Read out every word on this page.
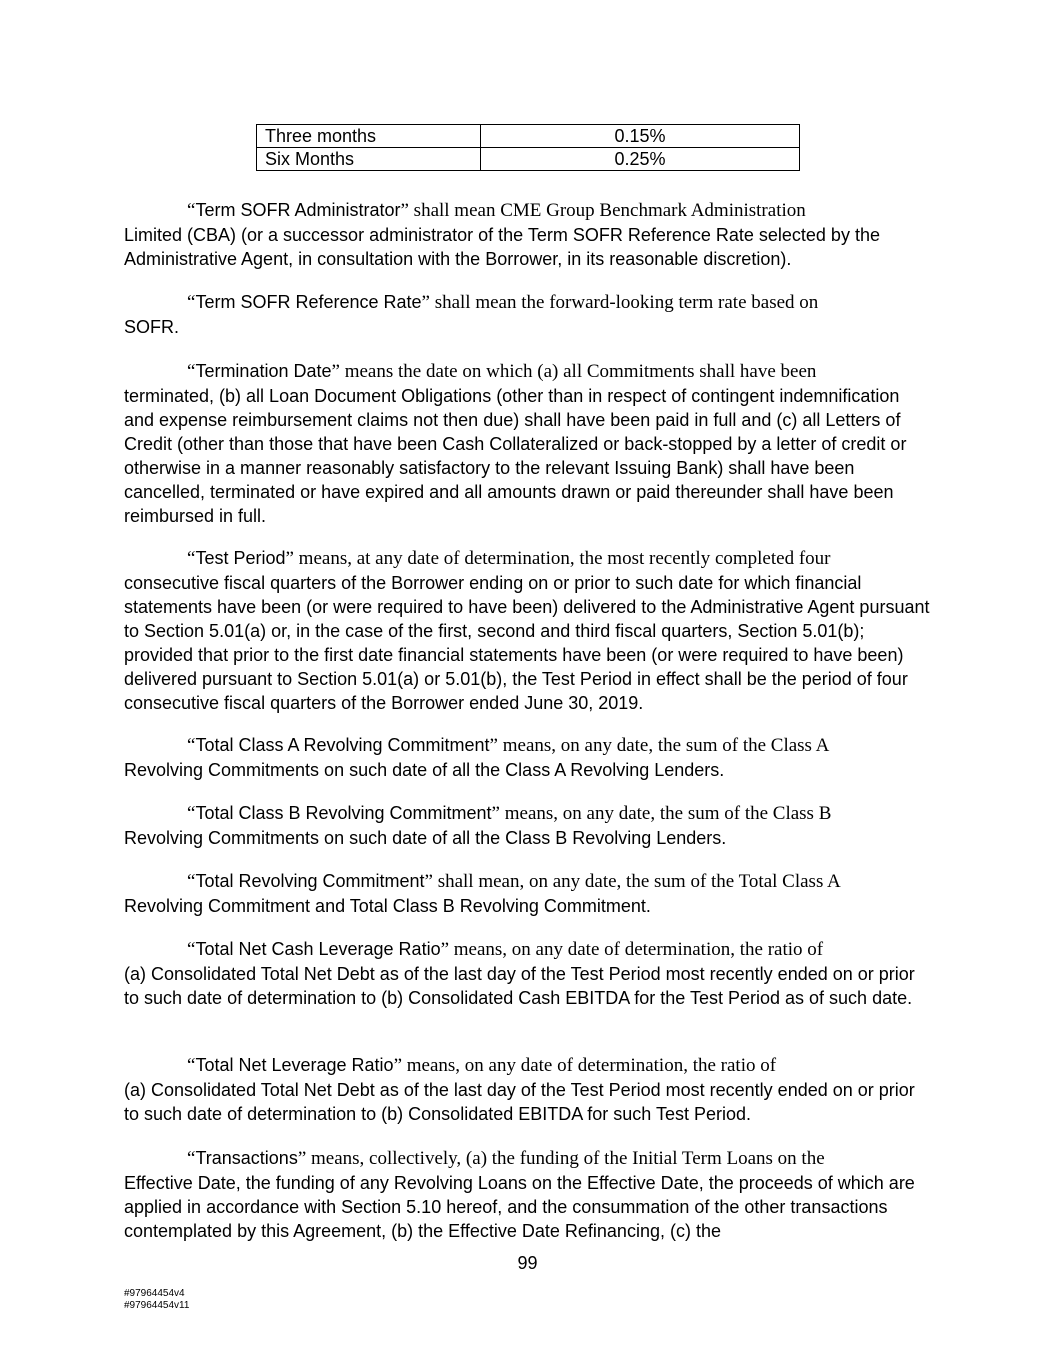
Three months	0.15%
Six Months	0.25%

“Term SOFR Administrator” shall mean CME Group Benchmark Administration
Limited (CBA) (or a successor administrator of the Term SOFR Reference Rate selected by the Administrative Agent, in consultation with the Borrower, in its reasonable discretion).

“Term SOFR Reference Rate” shall mean the forward-looking term rate based on
SOFR.

“Termination Date” means the date on which (a) all Commitments shall have been
terminated, (b) all Loan Document Obligations (other than in respect of contingent indemnification and expense reimbursement claims not then due) shall have been paid in full and (c) all Letters of Credit (other than those that have been Cash Collateralized or back-stopped by a letter of credit or otherwise in a manner reasonably satisfactory to the relevant Issuing Bank) shall have been cancelled, terminated or have expired and all amounts drawn or paid thereunder shall have been reimbursed in full.

“Test Period” means, at any date of determination, the most recently completed four
consecutive fiscal quarters of the Borrower ending on or prior to such date for which financial statements have been (or were required to have been) delivered to the Administrative Agent pursuant to Section 5.01(a) or, in the case of the first, second and third fiscal quarters, Section 5.01(b); provided that prior to the first date financial statements have been (or were required to have been) delivered pursuant to Section 5.01(a) or 5.01(b), the Test Period in effect shall be the period of four consecutive fiscal quarters of the Borrower ended June 30, 2019.

“Total Class A Revolving Commitment” means, on any date, the sum of the Class A
Revolving Commitments on such date of all the Class A Revolving Lenders.

“Total Class B Revolving Commitment” means, on any date, the sum of the Class B
Revolving Commitments on such date of all the Class B Revolving Lenders.

“Total Revolving Commitment” shall mean, on any date, the sum of the Total Class A
Revolving Commitment and Total Class B Revolving Commitment.

“Total Net Cash Leverage Ratio” means, on any date of determination, the ratio of
(a) Consolidated Total Net Debt as of the last day of the Test Period most recently ended on or prior to such date of determination to (b) Consolidated Cash EBITDA for the Test Period as of such date.

“Total Net Leverage Ratio” means, on any date of determination, the ratio of
(a) Consolidated Total Net Debt as of the last day of the Test Period most recently ended on or prior to such date of determination to (b) Consolidated EBITDA for such Test Period.

“Transactions” means, collectively, (a) the funding of the Initial Term Loans on the
Effective Date, the funding of any Revolving Loans on the Effective Date, the proceeds of which are applied in accordance with Section 5.10 hereof, and the consummation of the other transactions contemplated by this Agreement, (b) the Effective Date Refinancing, (c) the

99
#97964454v4
#97964454v11
